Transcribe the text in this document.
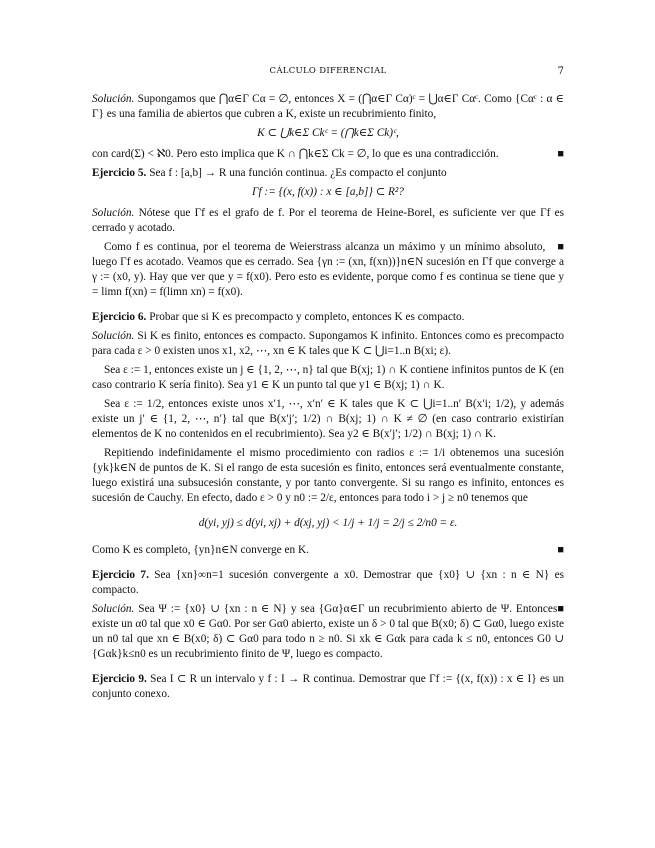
CÁLCULO DIFERENCIAL	7

Solución. Supongamos que ⋂α∈Γ Cα = ∅, entonces X = (⋂α∈Γ Cα)ᶜ = ⋃α∈Γ Cαᶜ. Como {Cαᶜ : α ∈ Γ} es una familia de abiertos que cubren a K, existe un recubrimiento finito,

K ⊂ ⋃k∈Σ Ckᶜ = (⋂k∈Σ Ck)ᶜ,

■
con card(Σ) < ℵ0. Pero esto implica que K ∩ ⋂k∈Σ Ck = ∅, lo que es una contradicción.

Ejercicio 5. Sea f : [a,b] → R una función continua. ¿Es compacto el conjunto

Γf := {(x, f(x)) : x ∈ [a,b]} ⊂ R²?

Solución. Nótese que Γf es el grafo de f. Por el teorema de Heine-Borel, es suficiente ver que Γf es cerrado y acotado.

■
Como f es continua, por el teorema de Weierstrass alcanza un máximo y un mínimo absoluto, luego Γf es acotado. Veamos que es cerrado. Sea {γn := (xn, f(xn))}n∈N sucesión en Γf que converge a γ := (x0, y). Hay que ver que y = f(x0). Pero esto es evidente, porque como f es continua se tiene que y = limn f(xn) = f(limn xn) = f(x0).

Ejercicio 6. Probar que si K es precompacto y completo, entonces K es compacto.

Solución. Si K es finito, entonces es compacto. Supongamos K infinito. Entonces como es precompacto para cada ε > 0 existen unos x1, x2, ⋯, xn ∈ K tales que K ⊂ ⋃i=1..n B(xi; ε).

Sea ε := 1, entonces existe un j ∈ {1, 2, ⋯, n} tal que B(xj; 1) ∩ K contiene infinitos puntos de K (en caso contrario K sería finito). Sea y1 ∈ K un punto tal que y1 ∈ B(xj; 1) ∩ K.

Sea ε := 1/2, entonces existe unos x′1, ⋯, x′n′ ∈ K tales que K ⊂ ⋃i=1..n′ B(x′i; 1/2), y además existe un j′ ∈ {1, 2, ⋯, n′} tal que B(x′j′; 1/2) ∩ B(xj; 1) ∩ K ≠ ∅ (en caso contrario existirían elementos de K no contenidos en el recubrimiento). Sea y2 ∈ B(x′j′; 1/2) ∩ B(xj; 1) ∩ K.

Repitiendo indefinidamente el mismo procedimiento con radios ε := 1/i obtenemos una sucesión {yk}k∈N de puntos de K. Si el rango de esta sucesión es finito, entonces será eventualmente constante, luego existirá una subsucesión constante, y por tanto convergente. Si su rango es infinito, entonces es sucesión de Cauchy. En efecto, dado ε > 0 y n0 := 2/ε, entonces para todo i > j ≥ n0 tenemos que

d(yi, yj) ≤ d(yi, xj) + d(xj, yj) < 1/j + 1/j = 2/j ≤ 2/n0 = ε.

■
Como K es completo, {yn}n∈N converge en K.

Ejercicio 7. Sea {xn}∞n=1 sucesión convergente a x0. Demostrar que {x0} ∪ {xn : n ∈ N} es compacto.

■
Solución. Sea Ψ := {x0} ∪ {xn : n ∈ N} y sea {Gα}α∈Γ un recubrimiento abierto de Ψ. Entonces existe un α0 tal que x0 ∈ Gα0. Por ser Gα0 abierto, existe un δ > 0 tal que B(x0; δ) ⊂ Gα0, luego existe un n0 tal que xn ∈ B(x0; δ) ⊂ Gα0 para todo n ≥ n0. Si xk ∈ Gαk para cada k ≤ n0, entonces G0 ∪ {Gαk}k≤n0 es un recubrimiento finito de Ψ, luego es compacto.

Ejercicio 9. Sea I ⊂ R un intervalo y f : I → R continua. Demostrar que Γf := {(x, f(x)) : x ∈ I} es un conjunto conexo.
